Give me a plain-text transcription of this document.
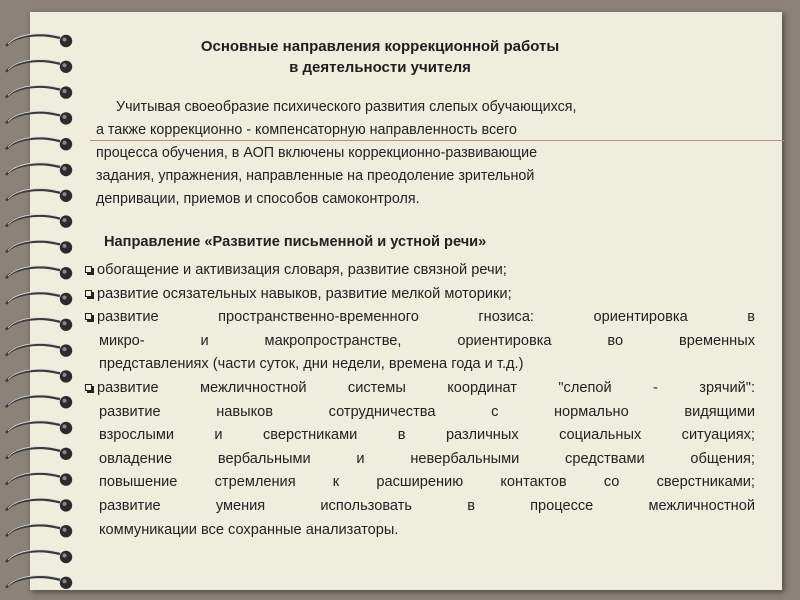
Основные направления коррекционной работы
в деятельности учителя
Учитывая своеобразие психического развития слепых обучающихся,
а также коррекционно - компенсаторную направленность всего
процесса обучения, в АОП включены коррекционно-развивающие
задания, упражнения, направленные на преодоление зрительной
депривации, приемов и способов самоконтроля.
Направление «Развитие письменной и устной речи»
обогащение и активизация словаря, развитие связной речи;
развитие осязательных навыков, развитие мелкой моторики;
развитие пространственно-временного гнозиса: ориентировка в
микро- и макропространстве, ориентировка во временных
представлениях (части суток, дни недели, времена года и т.д.)
развитие межличностной системы координат "слепой - зрячий":
развитие навыков сотрудничества с нормально видящими
взрослыми и сверстниками в различных социальных ситуациях;
овладение вербальными и невербальными средствами общения;
повышение стремления к расширению контактов со сверстниками;
развитие умения использовать в процессе межличностной
коммуникации все сохранные анализаторы.
